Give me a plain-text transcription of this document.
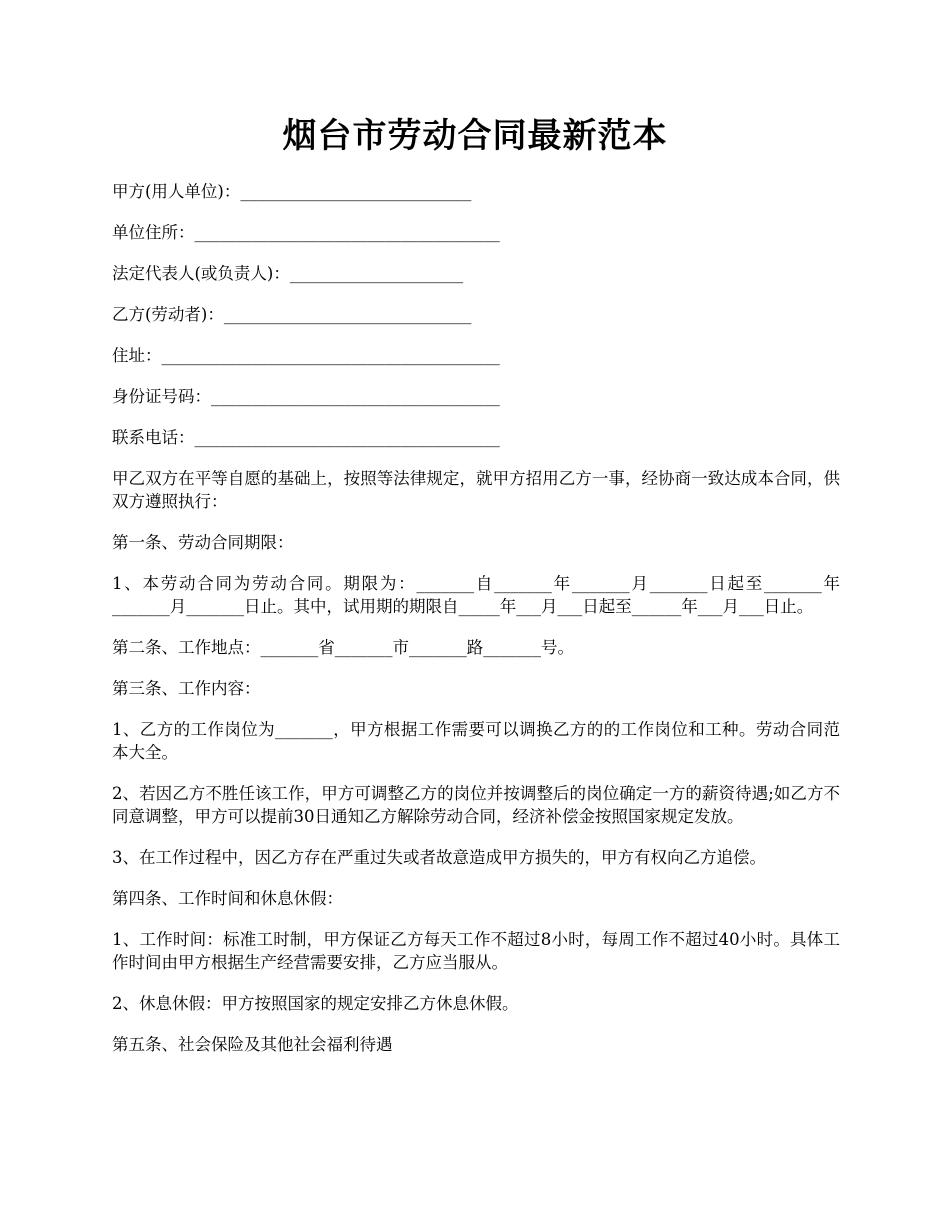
烟台市劳动合同最新范本

甲方(用人单位)：____________________________

单位住所：_____________________________________

法定代表人(或负责人)：_____________________

乙方(劳动者)：______________________________

住址：_________________________________________

身份证号码：___________________________________

联系电话：_____________________________________

甲乙双方在平等自愿的基础上，按照等法律规定，就甲方招用乙方一事，经协商一致达成本合同，供双方遵照执行：

第一条、劳动合同期限：

1、本劳动合同为劳动合同。期限为：_______自_______年_______月_______日起至_______年_______月_______日止。其中，试用期的期限自_____年___月___日起至______年___月___日止。

第二条、工作地点：_______省_______市_______路_______号。

第三条、工作内容：

1、乙方的工作岗位为_______，甲方根据工作需要可以调换乙方的的工作岗位和工种。劳动合同范本大全。

2、若因乙方不胜任该工作，甲方可调整乙方的岗位并按调整后的岗位确定一方的薪资待遇;如乙方不同意调整，甲方可以提前30日通知乙方解除劳动合同，经济补偿金按照国家规定发放。

3、在工作过程中，因乙方存在严重过失或者故意造成甲方损失的，甲方有权向乙方追偿。

第四条、工作时间和休息休假：

1、工作时间：标准工时制，甲方保证乙方每天工作不超过8小时，每周工作不超过40小时。具体工作时间由甲方根据生产经营需要安排，乙方应当服从。

2、休息休假：甲方按照国家的规定安排乙方休息休假。

第五条、社会保险及其他社会福利待遇
